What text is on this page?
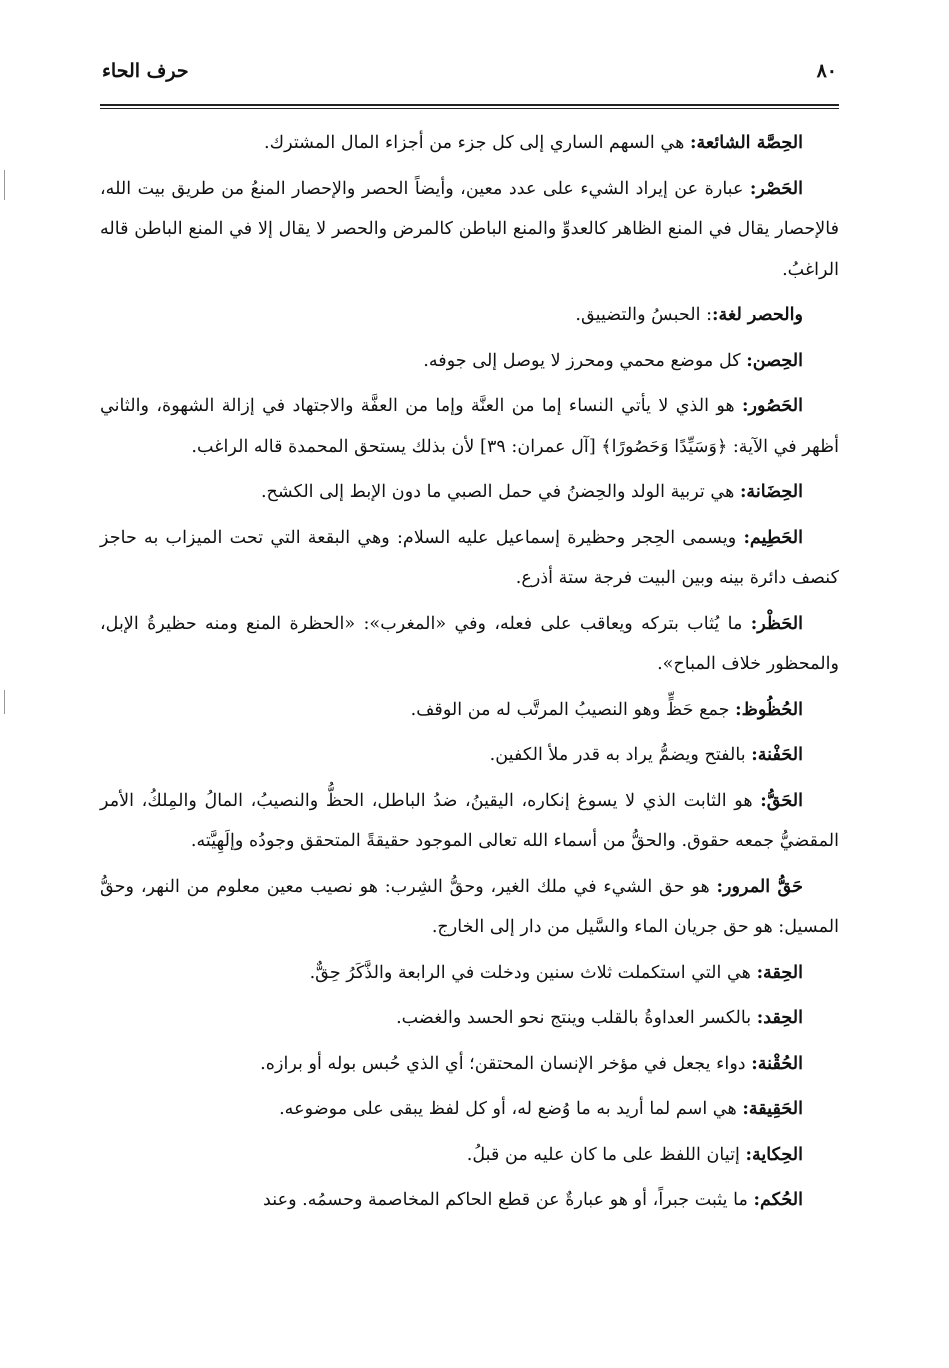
٨٠
حرف الحاء

الحِصَّة الشائعة: هي السهم الساري إلى كل جزء من أجزاء المال المشترك.

الحَصْر: عبارة عن إيراد الشيء على عدد معين، وأيضاً الحصر والإحصار المنعُ من طريق بيت الله، فالإحصار يقال في المنع الظاهر كالعدوِّ والمنع الباطن كالمرض والحصر لا يقال إلا في المنع الباطن قاله الراغبُ.

والحصر لغة:: الحبسُ والتضييق.

الحِصن: كل موضع محمي ومحرز لا يوصل إلى جوفه.

الحَصُور: هو الذي لا يأتي النساء إما من العنَّة وإما من العفَّة والاجتهاد في إزالة الشهوة، والثاني أظهر في الآية: ﴿وَسَيِّدًا وَحَصُورًا﴾ [آل عمران: ٣٩] لأن بذلك يستحق المحمدة قاله الراغب.

الحِضَانة: هي تربية الولد والحِضنُ في حمل الصبي ما دون الإبط إلى الكشح.

الحَطِيم: ويسمى الحِجر وحظيرة إسماعيل عليه السلام: وهي البقعة التي تحت الميزاب به حاجز كنصف دائرة بينه وبين البيت فرجة ستة أذرع.

الحَظْر: ما يُثاب بتركه ويعاقب على فعله، وفي «المغرب»: «الحظرة المنع ومنه حظيرةُ الإبل، والمحظور خلاف المباح».

الحُظُوظ: جمع حَظٍّ وهو النصيبُ المرتَّب له من الوقف.

الحَفْنة: بالفتح ويضمُّ يراد به قدر ملأ الكفين.

الحَقُّ: هو الثابت الذي لا يسوغ إنكاره، اليقينُ، ضدُ الباطل، الحظُّ والنصيبُ، المالُ والمِلكُ، الأمر المقضيُّ جمعه حقوق. والحقُّ من أسماء الله تعالى الموجود حقيقةً المتحقق وجودُه وإلَهِيَّته.

حَقُّ المرور: هو حق الشيء في ملك الغير، وحقُّ الشِرب: هو نصيب معين معلوم من النهر، وحقُّ المسيل: هو حق جريان الماء والسَّيل من دار إلى الخارج.

الحِقة: هي التي استكملت ثلاث سنين ودخلت في الرابعة والذَّكَرُ حِقٌّ.

الحِقد: بالكسر العداوةُ بالقلب وينتج نحو الحسد والغضب.

الحُقْنة: دواء يجعل في مؤخر الإنسان المحتقن؛ أي الذي حُبس بوله أو برازه.

الحَقِيقة: هي اسم لما أريد به ما وُضع له، أو كل لفظ يبقى على موضوعه.

الحِكاية: إتيان اللفظ على ما كان عليه من قبلُ.

الحُكم: ما يثبت جبراً، أو هو عبارةٌ عن قطع الحاكم المخاصمة وحسمُه. وعند
